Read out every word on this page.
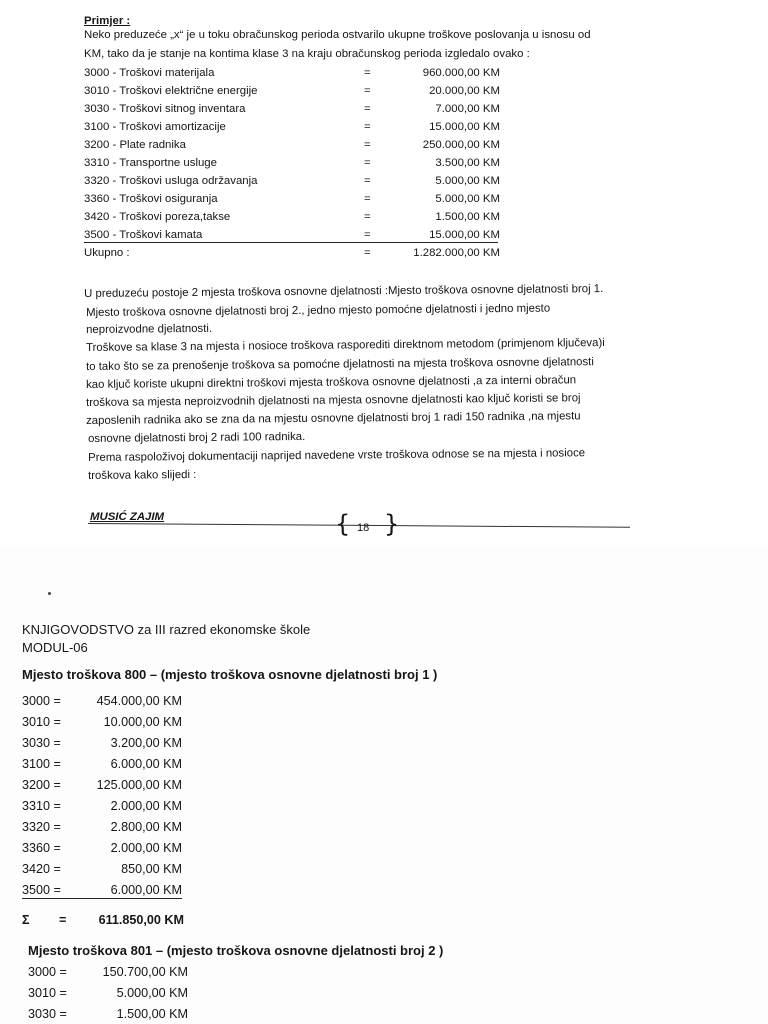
Primjer :
Neko preduzeće „x“ je u toku obračunskog perioda ostvarilo ukupne troškove poslovanja u isnosu od
KM, tako da je stanje na kontima klase 3 na kraju obračunskog perioda izgledalo ovako :
3000 - Troškovi materijala	=	960.000,00 KM
3010 - Troškovi električne energije	=	20.000,00 KM
3030 - Troškovi sitnog inventara	=	7.000,00 KM
3100 - Troškovi amortizacije	=	15.000,00 KM
3200 - Plate radnika	=	250.000,00 KM
3310 - Transportne usluge	=	3.500,00 KM
3320 - Troškovi usluga održavanja	=	5.000,00 KM
3360 - Troškovi osiguranja	=	5.000,00 KM
3420 - Troškovi poreza,takse	=	1.500,00 KM
3500 - Troškovi kamata	=	15.000,00 KM
Ukupno :	=	1.282.000,00 KM
U preduzeću postoje 2 mjesta troškova osnovne djelatnosti :Mjesto troškova osnovne djelatnosti broj 1.
Mjesto troškova osnovne djelatnosti broj 2., jedno mjesto pomoćne djelatnosti i jedno mjesto
neproizvodne djelatnosti.
Troškove sa klase 3 na mjesta i nosioce troškova rasporediti direktnom metodom (primjenom ključeva)i
to tako što se za prenošenje troškova sa pomoćne djelatnosti na mjesta troškova osnovne djelatnosti
kao ključ koriste ukupni direktni troškovi mjesta troškova osnovne djelatnosti ,a za interni obračun
troškova sa mjesta neproizvodnih djelatnosti na mjesta osnovne djelatnosti kao ključ koristi se broj
zaposlenih radnika ako se zna da na mjestu osnovne djelatnosti broj 1 radi 150 radnika ,na mjestu
osnovne djelatnosti broj 2 radi 100 radnika.
Prema raspoloživoj dokumentaciji naprijed navedene vrste troškova odnose se na mjesta i nosioce
troškova kako slijedi :
MUSIĆ ZAJIM	{ 18 }
KNJIGOVODSTVO za III razred ekonomske škole
MODUL-06
Mjesto troškova 800 – (mjesto troškova osnovne djelatnosti broj 1 )
3000 =	454.000,00 KM
3010 =	10.000,00 KM
3030 =	3.200,00 KM
3100 =	6.000,00 KM
3200 =	125.000,00 KM
3310 =	2.000,00 KM
3320 =	2.800,00 KM
3360 =	2.000,00 KM
3420 =	850,00 KM
3500 =	6.000,00 KM
Σ =	611.850,00 KM
Mjesto troškova 801 – (mjesto troškova osnovne djelatnosti broj 2 )
3000 =	150.700,00 KM
3010 =	5.000,00 KM
3030 =	1.500,00 KM
